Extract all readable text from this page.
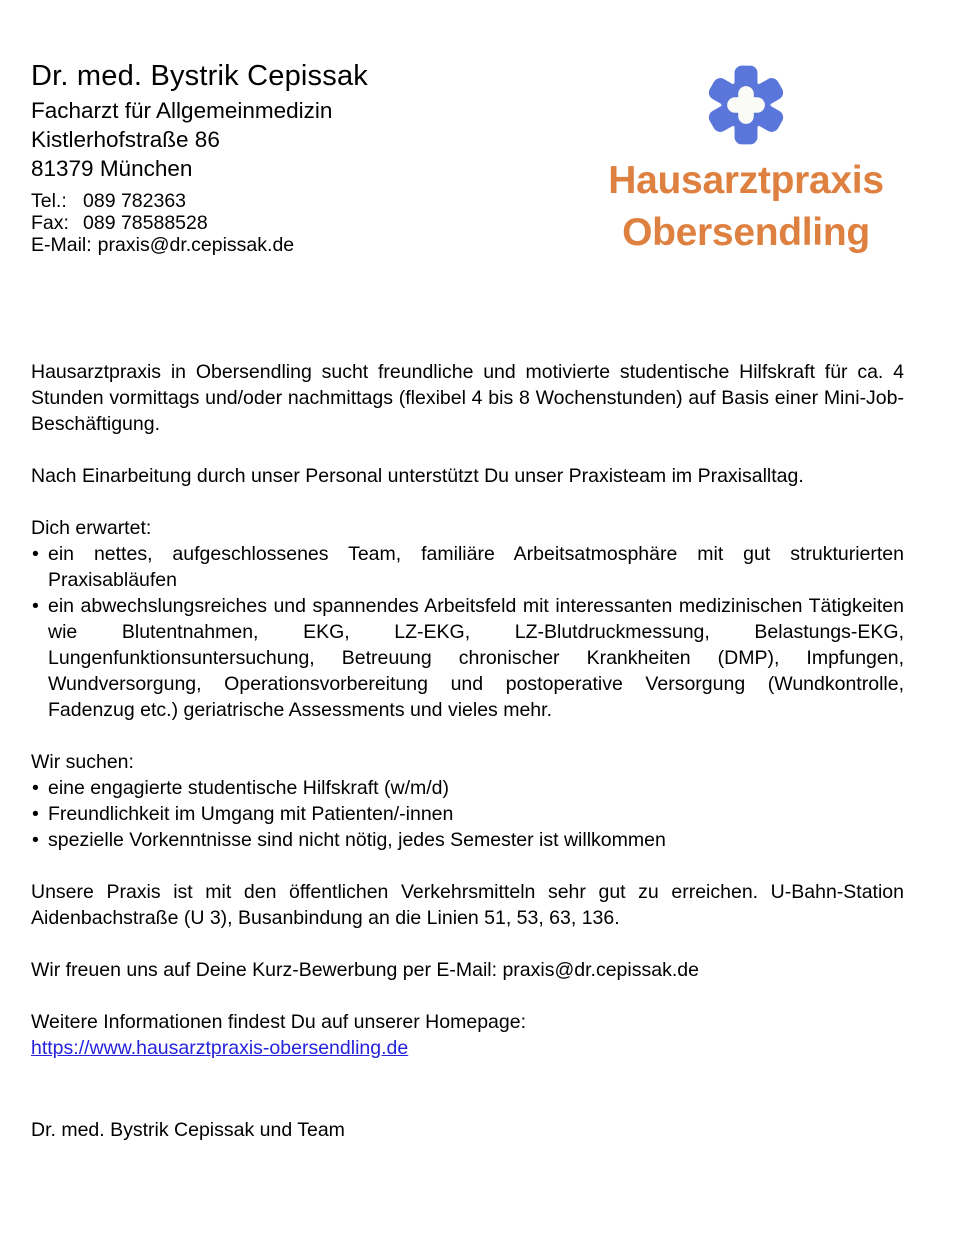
Dr. med. Bystrik Cepissak
Facharzt für Allgemeinmedizin
Kistlerhofstraße 86
81379 München
Tel.: 089 782363
Fax: 089 78588528
E-Mail: praxis@dr.cepissak.de
Hausarztpraxis
Obersendling

Hausarztpraxis in Obersendling sucht freundliche und motivierte studentische Hilfskraft für ca. 4 Stunden vormittags und/oder nachmittags (flexibel 4 bis 8 Wochenstunden) auf Basis einer Mini-Job-Beschäftigung.

Nach Einarbeitung durch unser Personal unterstützt Du unser Praxisteam im Praxisalltag.

Dich erwartet:
• ein nettes, aufgeschlossenes Team, familiäre Arbeitsatmosphäre mit gut strukturierten Praxisabläufen
• ein abwechslungsreiches und spannendes Arbeitsfeld mit interessanten medizinischen Tätigkeiten wie Blutentnahmen, EKG, LZ-EKG, LZ-Blutdruckmessung, Belastungs-EKG, Lungenfunktionsuntersuchung, Betreuung chronischer Krankheiten (DMP), Impfungen, Wundversorgung, Operationsvorbereitung und postoperative Versorgung (Wundkontrolle, Fadenzug etc.) geriatrische Assessments und vieles mehr.
Wir suchen:
• eine engagierte studentische Hilfskraft (w/m/d)
• Freundlichkeit im Umgang mit Patienten/-innen
• spezielle Vorkenntnisse sind nicht nötig, jedes Semester ist willkommen

Unsere Praxis ist mit den öffentlichen Verkehrsmitteln sehr gut zu erreichen. U-Bahn-Station Aidenbachstraße (U 3), Busanbindung an die Linien 51, 53, 63, 136.

Wir freuen uns auf Deine Kurz-Bewerbung per E-Mail: praxis@dr.cepissak.de

Weitere Informationen findest Du auf unserer Homepage:

https://www.hausarztpraxis-obersendling.de
Dr. med. Bystrik Cepissak und Team
